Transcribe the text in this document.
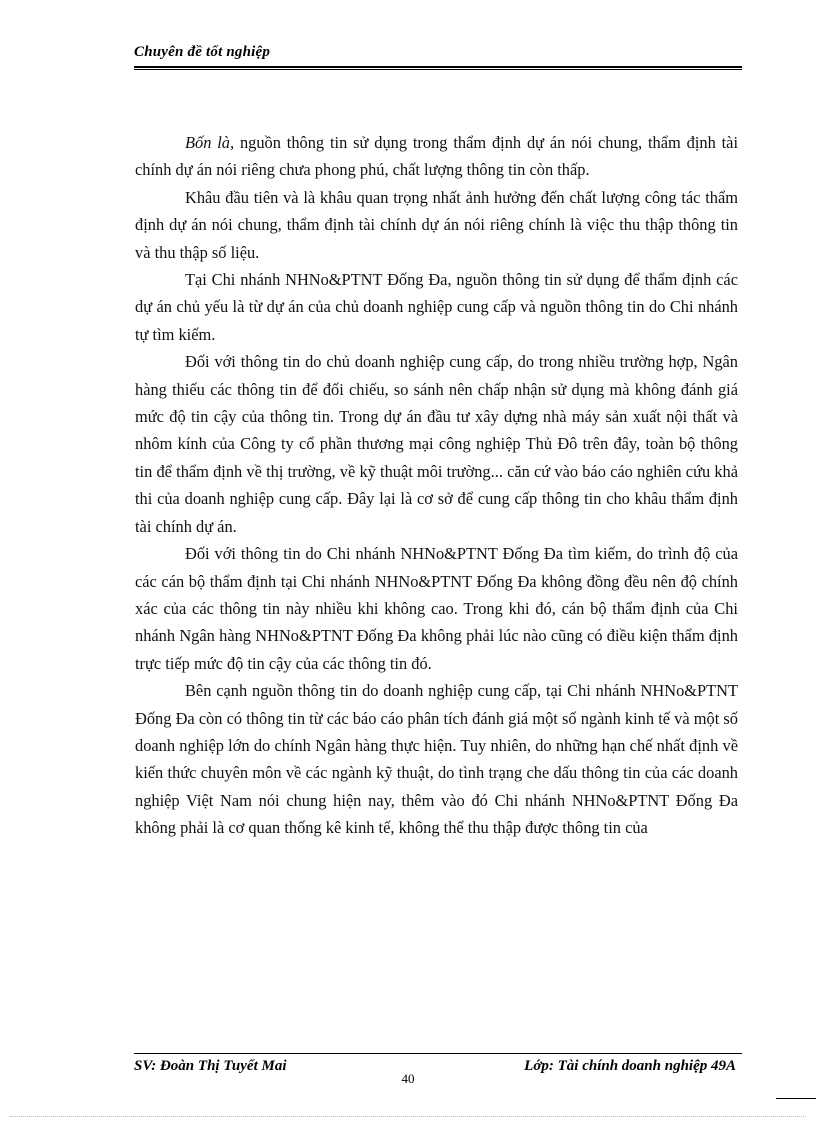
Chuyên đề tốt nghiệp

Bốn là, nguồn thông tin sử dụng trong thẩm định dự án nói chung, thẩm định tài chính dự án nói riêng chưa phong phú, chất lượng thông tin còn thấp.

Khâu đầu tiên và là khâu quan trọng nhất ảnh hưởng đến chất lượng công tác thẩm định dự án nói chung, thẩm định tài chính dự án nói riêng chính là việc thu thập thông tin và thu thập số liệu.

Tại Chi nhánh NHNo&PTNT Đống Đa, nguồn thông tin sử dụng để thẩm định các dự án chủ yếu là từ dự án của chủ doanh nghiệp cung cấp và nguồn thông tin do Chi nhánh tự tìm kiếm.

Đối với thông tin do chủ doanh nghiệp cung cấp, do trong nhiều trường hợp, Ngân hàng thiếu các thông tin để đối chiếu, so sánh nên chấp nhận sử dụng mà không đánh giá mức độ tin cậy của thông tin. Trong dự án đầu tư xây dựng nhà máy sản xuất nội thất và nhôm kính của Công ty cổ phần thương mại công nghiệp Thủ Đô trên đây, toàn bộ thông tin để thẩm định về thị trường, về kỹ thuật môi trường... căn cứ vào báo cáo nghiên cứu khả thi của doanh nghiệp cung cấp. Đây lại là cơ sở để cung cấp thông tin cho khâu thẩm định tài chính dự án.

Đối với thông tin do Chi nhánh NHNo&PTNT Đống Đa tìm kiếm, do trình độ của các cán bộ thẩm định tại Chi nhánh NHNo&PTNT Đống Đa không đồng đều nên độ chính xác của các thông tin này nhiều khi không cao. Trong khi đó, cán bộ thẩm định của Chi nhánh Ngân hàng NHNo&PTNT Đống Đa không phải lúc nào cũng có điều kiện thẩm định trực tiếp mức độ tin cậy của các thông tin đó.

Bên cạnh nguồn thông tin do doanh nghiệp cung cấp, tại Chi nhánh NHNo&PTNT Đống Đa còn có thông tin từ các báo cáo phân tích đánh giá một số ngành kinh tế và một số doanh nghiệp lớn do chính Ngân hàng thực hiện. Tuy nhiên, do những hạn chế nhất định về kiến thức chuyên môn về các ngành kỹ thuật, do tình trạng che dấu thông tin của các doanh nghiệp Việt Nam nói chung hiện nay, thêm vào đó Chi nhánh NHNo&PTNT Đống Đa không phải là cơ quan thống kê kinh tế, không thể thu thập được thông tin của

SV: Đoàn Thị Tuyết Mai	Lớp: Tài chính doanh nghiệp 49A
40
